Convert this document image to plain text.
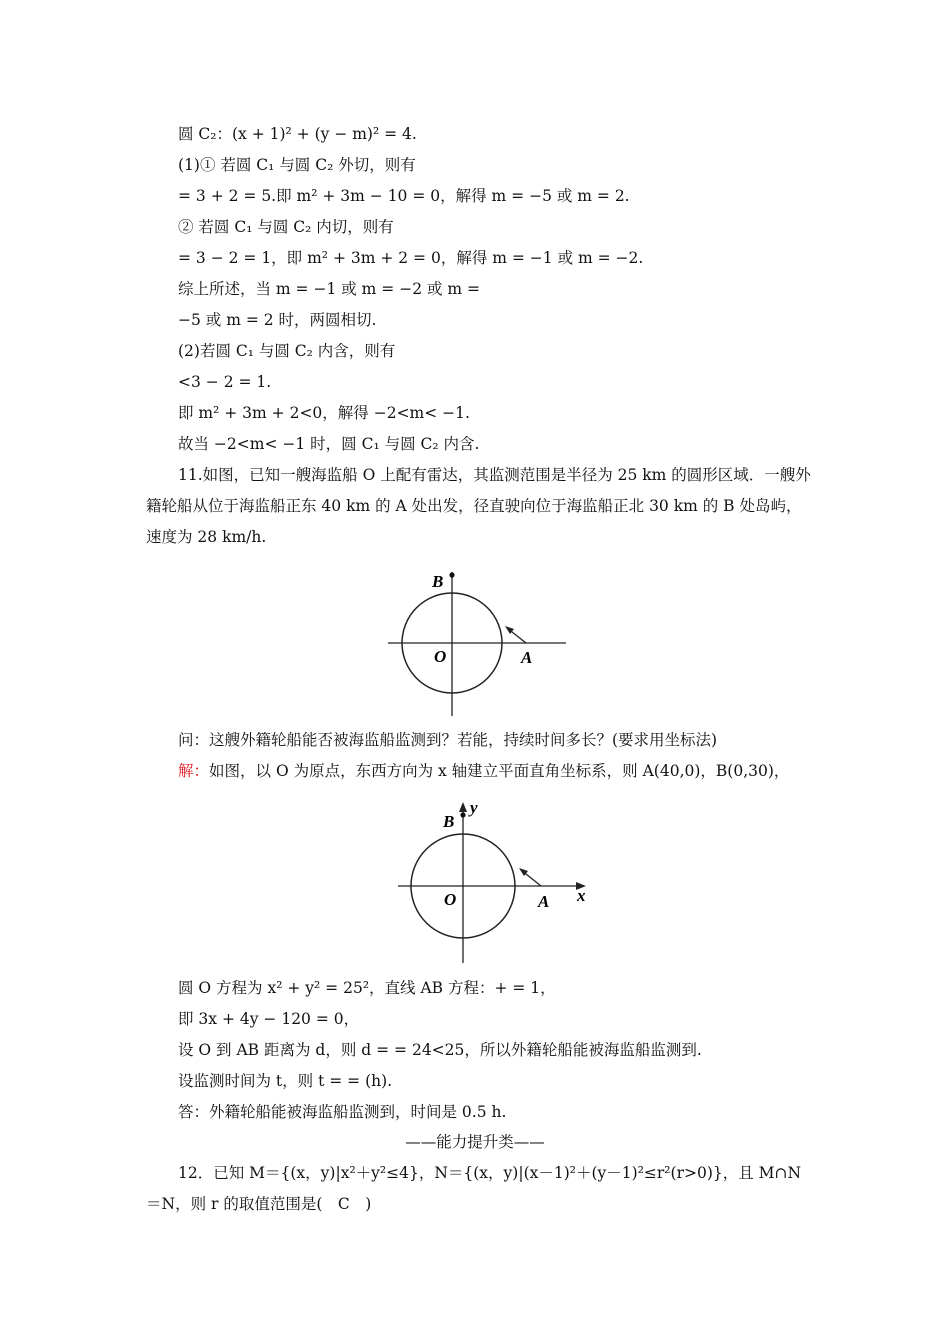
圆 C₂：(x + 1)² + (y − m)² = 4.
(1)① 若圆 C₁ 与圆 C₂ 外切，则有
= 3 + 2 = 5.即 m² + 3m − 10 = 0，解得 m = −5 或 m = 2.
② 若圆 C₁ 与圆 C₂ 内切，则有
= 3 − 2 = 1，即 m² + 3m + 2 = 0，解得 m = −1 或 m = −2.
综上所述，当 m = −1 或 m = −2 或 m =
−5 或 m = 2 时，两圆相切.
(2)若圆 C₁ 与圆 C₂ 内含，则有
<3 − 2 = 1.
即 m² + 3m + 2<0，解得 −2<m< −1.
故当 −2<m< −1 时，圆 C₁ 与圆 C₂ 内含.
11.如图，已知一艘海监船 O 上配有雷达，其监测范围是半径为 25 km 的圆形区域．一艘外籍轮船从位于海监船正东 40 km 的 A 处出发，径直驶向位于海监船正北 30 km 的 B 处岛屿，速度为 28 km/h.
B
O	A
问：这艘外籍轮船能否被海监船监测到？若能，持续时间多长？(要求用坐标法)
解：如图，以 O 为原点，东西方向为 x 轴建立平面直角坐标系，则 A(40,0)，B(0,30)，
B
y
O	A x
圆 O 方程为 x² + y² = 25²，直线 AB 方程：+ = 1，
即 3x + 4y − 120 = 0，
设 O 到 AB 距离为 d，则 d = = 24<25，所以外籍轮船能被海监船监测到.
设监测时间为 t，则 t = = (h).
答：外籍轮船能被海监船监测到，时间是 0.5 h.
——能力提升类——
12．已知 M＝{(x，y)|x²＋y²≤4}，N＝{(x，y)|(x－1)²＋(y－1)²≤r²(r>0)}，且 M∩N＝N，则 r 的取值范围是(　C　)
